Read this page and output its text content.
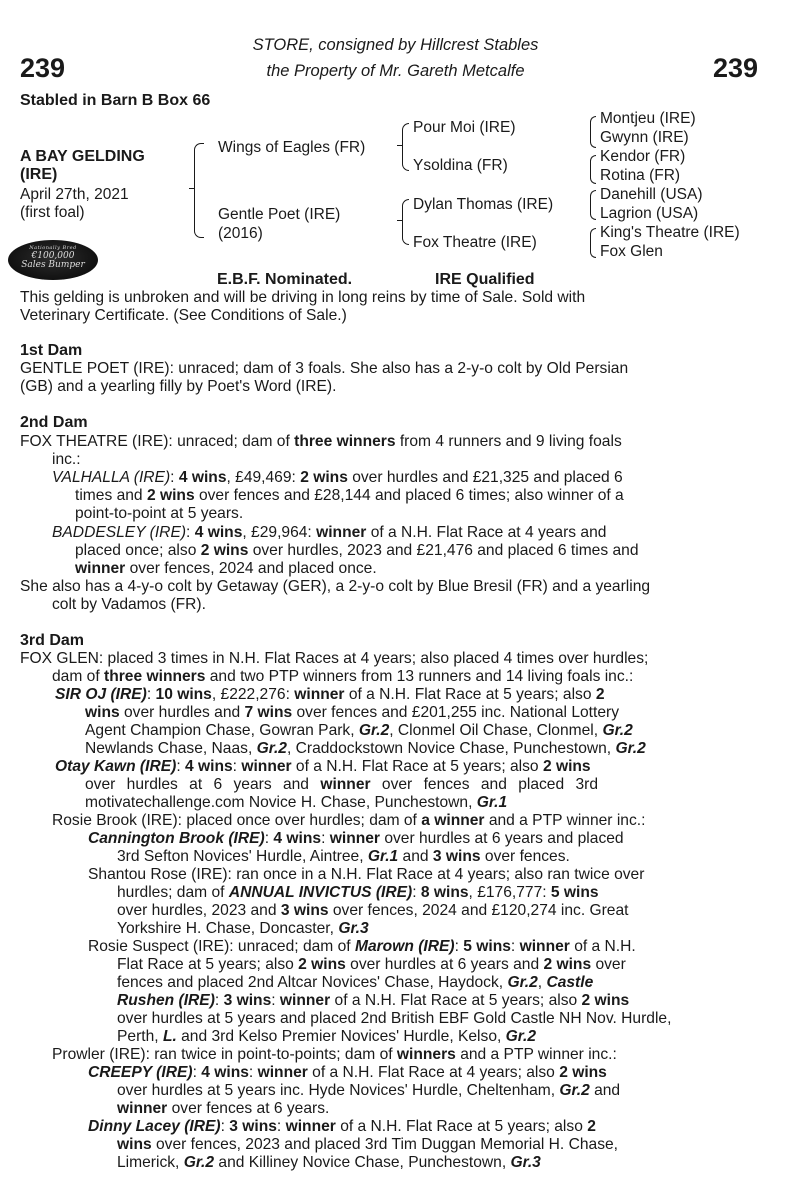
239	239
STORE, consigned by Hillcrest Stables
the Property of Mr. Gareth Metcalfe
Stabled in Barn B Box 66
A BAY GELDING
(IRE)
April 27th, 2021
(first foal)
Nationally Bred
€100,000
Sales Bumper
Wings of Eagles (FR)
Gentle Poet (IRE)
(2016)
Pour Moi (IRE)
Ysoldina (FR)
Dylan Thomas (IRE)
Fox Theatre (IRE)
Montjeu (IRE)
Gwynn (IRE)
Kendor (FR)
Rotina (FR)
Danehill (USA)
Lagrion (USA)
King's Theatre (IRE)
Fox Glen
E.B.F. Nominated.	IRE Qualified

This gelding is unbroken and will be driving in long reins by time of Sale. Sold with

Veterinary Certificate. (See Conditions of Sale.)

1st Dam

GENTLE POET (IRE): unraced; dam of 3 foals. She also has a 2-y-o colt by Old Persian

(GB) and a yearling filly by Poet's Word (IRE).

2nd Dam

FOX THEATRE (IRE): unraced; dam of three winners from 4 runners and 9 living foals

inc.:

VALHALLA (IRE): 4 wins, £49,469: 2 wins over hurdles and £21,325 and placed 6

times and 2 wins over fences and £28,144 and placed 6 times; also winner of a

point-to-point at 5 years.

BADDESLEY (IRE): 4 wins, £29,964: winner of a N.H. Flat Race at 4 years and

placed once; also 2 wins over hurdles, 2023 and £21,476 and placed 6 times and

winner over fences, 2024 and placed once.

She also has a 4-y-o colt by Getaway (GER), a 2-y-o colt by Blue Bresil (FR) and a yearling

colt by Vadamos (FR).

3rd Dam

FOX GLEN: placed 3 times in N.H. Flat Races at 4 years; also placed 4 times over hurdles;

dam of three winners and two PTP winners from 13 runners and 14 living foals inc.:

SIR OJ (IRE): 10 wins, £222,276: winner of a N.H. Flat Race at 5 years; also 2

wins over hurdles and 7 wins over fences and £201,255 inc. National Lottery

Agent Champion Chase, Gowran Park, Gr.2, Clonmel Oil Chase, Clonmel, Gr.2

Newlands Chase, Naas, Gr.2, Craddockstown Novice Chase, Punchestown, Gr.2

Otay Kawn (IRE): 4 wins: winner of a N.H. Flat Race at 5 years; also 2 wins

over hurdles at 6 years and winner over fences and placed 3rd

motivatechallenge.com Novice H. Chase, Punchestown, Gr.1

Rosie Brook (IRE): placed once over hurdles; dam of a winner and a PTP winner inc.:

Cannington Brook (IRE): 4 wins: winner over hurdles at 6 years and placed

3rd Sefton Novices' Hurdle, Aintree, Gr.1 and 3 wins over fences.

Shantou Rose (IRE): ran once in a N.H. Flat Race at 4 years; also ran twice over

hurdles; dam of ANNUAL INVICTUS (IRE): 8 wins, £176,777: 5 wins

over hurdles, 2023 and 3 wins over fences, 2024 and £120,274 inc. Great

Yorkshire H. Chase, Doncaster, Gr.3

Rosie Suspect (IRE): unraced; dam of Marown (IRE): 5 wins: winner of a N.H.

Flat Race at 5 years; also 2 wins over hurdles at 6 years and 2 wins over

fences and placed 2nd Altcar Novices' Chase, Haydock, Gr.2, Castle

Rushen (IRE): 3 wins: winner of a N.H. Flat Race at 5 years; also 2 wins

over hurdles at 5 years and placed 2nd British EBF Gold Castle NH Nov. Hurdle,

Perth, L. and 3rd Kelso Premier Novices' Hurdle, Kelso, Gr.2

Prowler (IRE): ran twice in point-to-points; dam of winners and a PTP winner inc.:

CREEPY (IRE): 4 wins: winner of a N.H. Flat Race at 4 years; also 2 wins

over hurdles at 5 years inc. Hyde Novices' Hurdle, Cheltenham, Gr.2 and

winner over fences at 6 years.

Dinny Lacey (IRE): 3 wins: winner of a N.H. Flat Race at 5 years; also 2

wins over fences, 2023 and placed 3rd Tim Duggan Memorial H. Chase,

Limerick, Gr.2 and Killiney Novice Chase, Punchestown, Gr.3
